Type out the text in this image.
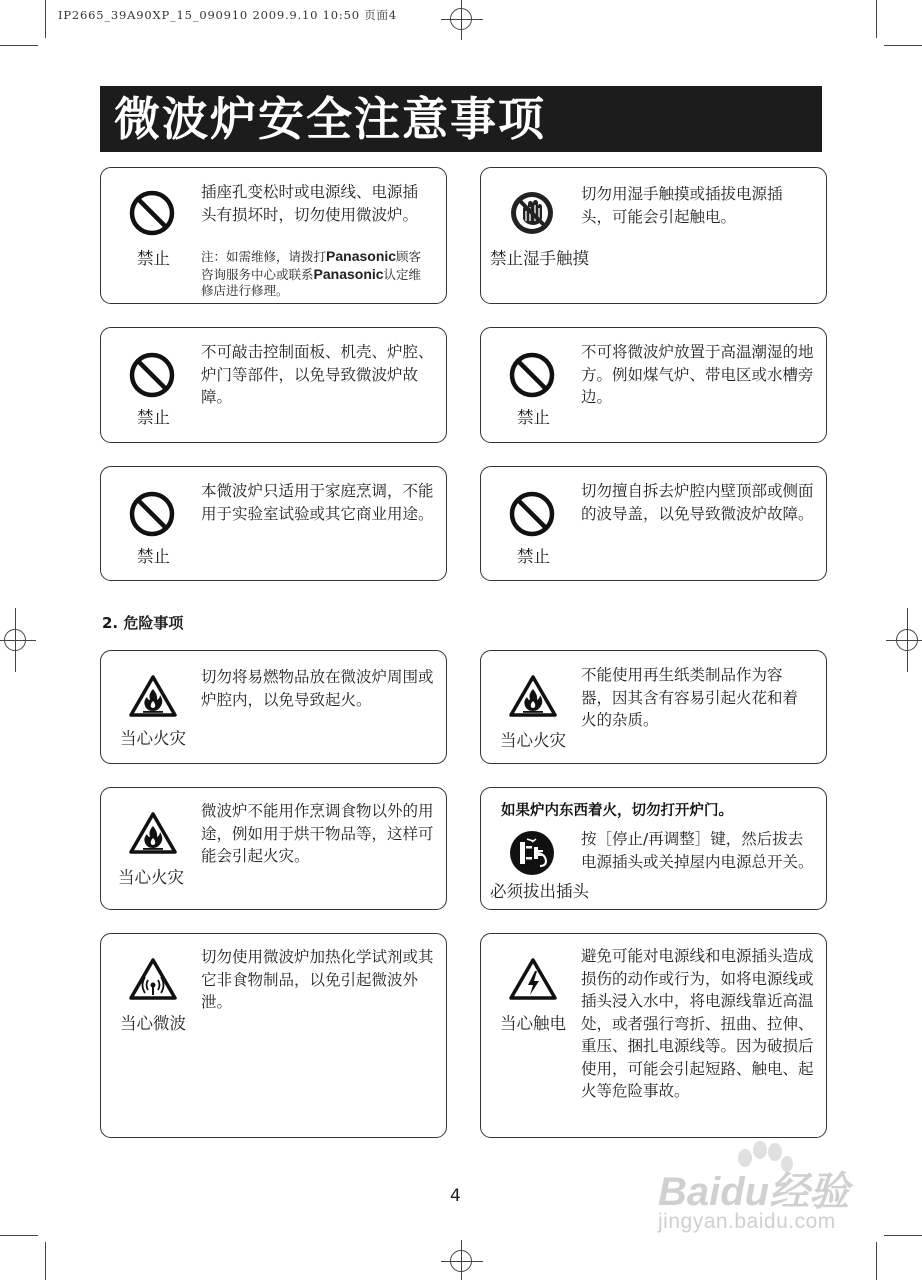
IP2665_39A90XP_15_090910 2009.9.10 10:50 页面4
微波炉安全注意事项
禁止
插座孔变松时或电源线、电源插头有损坏时，切勿使用微波炉。
注：如需维修，请拨打Panasonic顾客咨询服务中心或联系Panasonic认定维修店进行修理。
禁止湿手触摸
切勿用湿手触摸或插拔电源插头，可能会引起触电。
禁止
不可敲击控制面板、机壳、炉腔、炉门等部件，以免导致微波炉故障。
禁止
不可将微波炉放置于高温潮湿的地方。例如煤气炉、带电区或水槽旁边。
禁止
本微波炉只适用于家庭烹调，不能用于实验室试验或其它商业用途。
禁止
切勿擅自拆去炉腔内壁顶部或侧面的波导盖，以免导致微波炉故障。
2. 危险事项
当心火灾
切勿将易燃物品放在微波炉周围或炉腔内，以免导致起火。
当心火灾
不能使用再生纸类制品作为容器，因其含有容易引起火花和着火的杂质。
当心火灾
微波炉不能用作烹调食物以外的用途，例如用于烘干物品等，这样可能会引起火灾。
如果炉内东西着火，切勿打开炉门。
必须拔出插头
按［停止/再调整］键，然后拔去电源插头或关掉屋内电源总开关。
当心微波
切勿使用微波炉加热化学试剂或其它非食物制品，以免引起微波外泄。
当心触电
避免可能对电源线和电源插头造成损伤的动作或行为，如将电源线或插头浸入水中，将电源线靠近高温处，或者强行弯折、扭曲、拉伸、重压、捆扎电源线等。因为破损后使用，可能会引起短路、触电、起火等危险事故。
4	Baidu经验
jingyan.baidu.com
